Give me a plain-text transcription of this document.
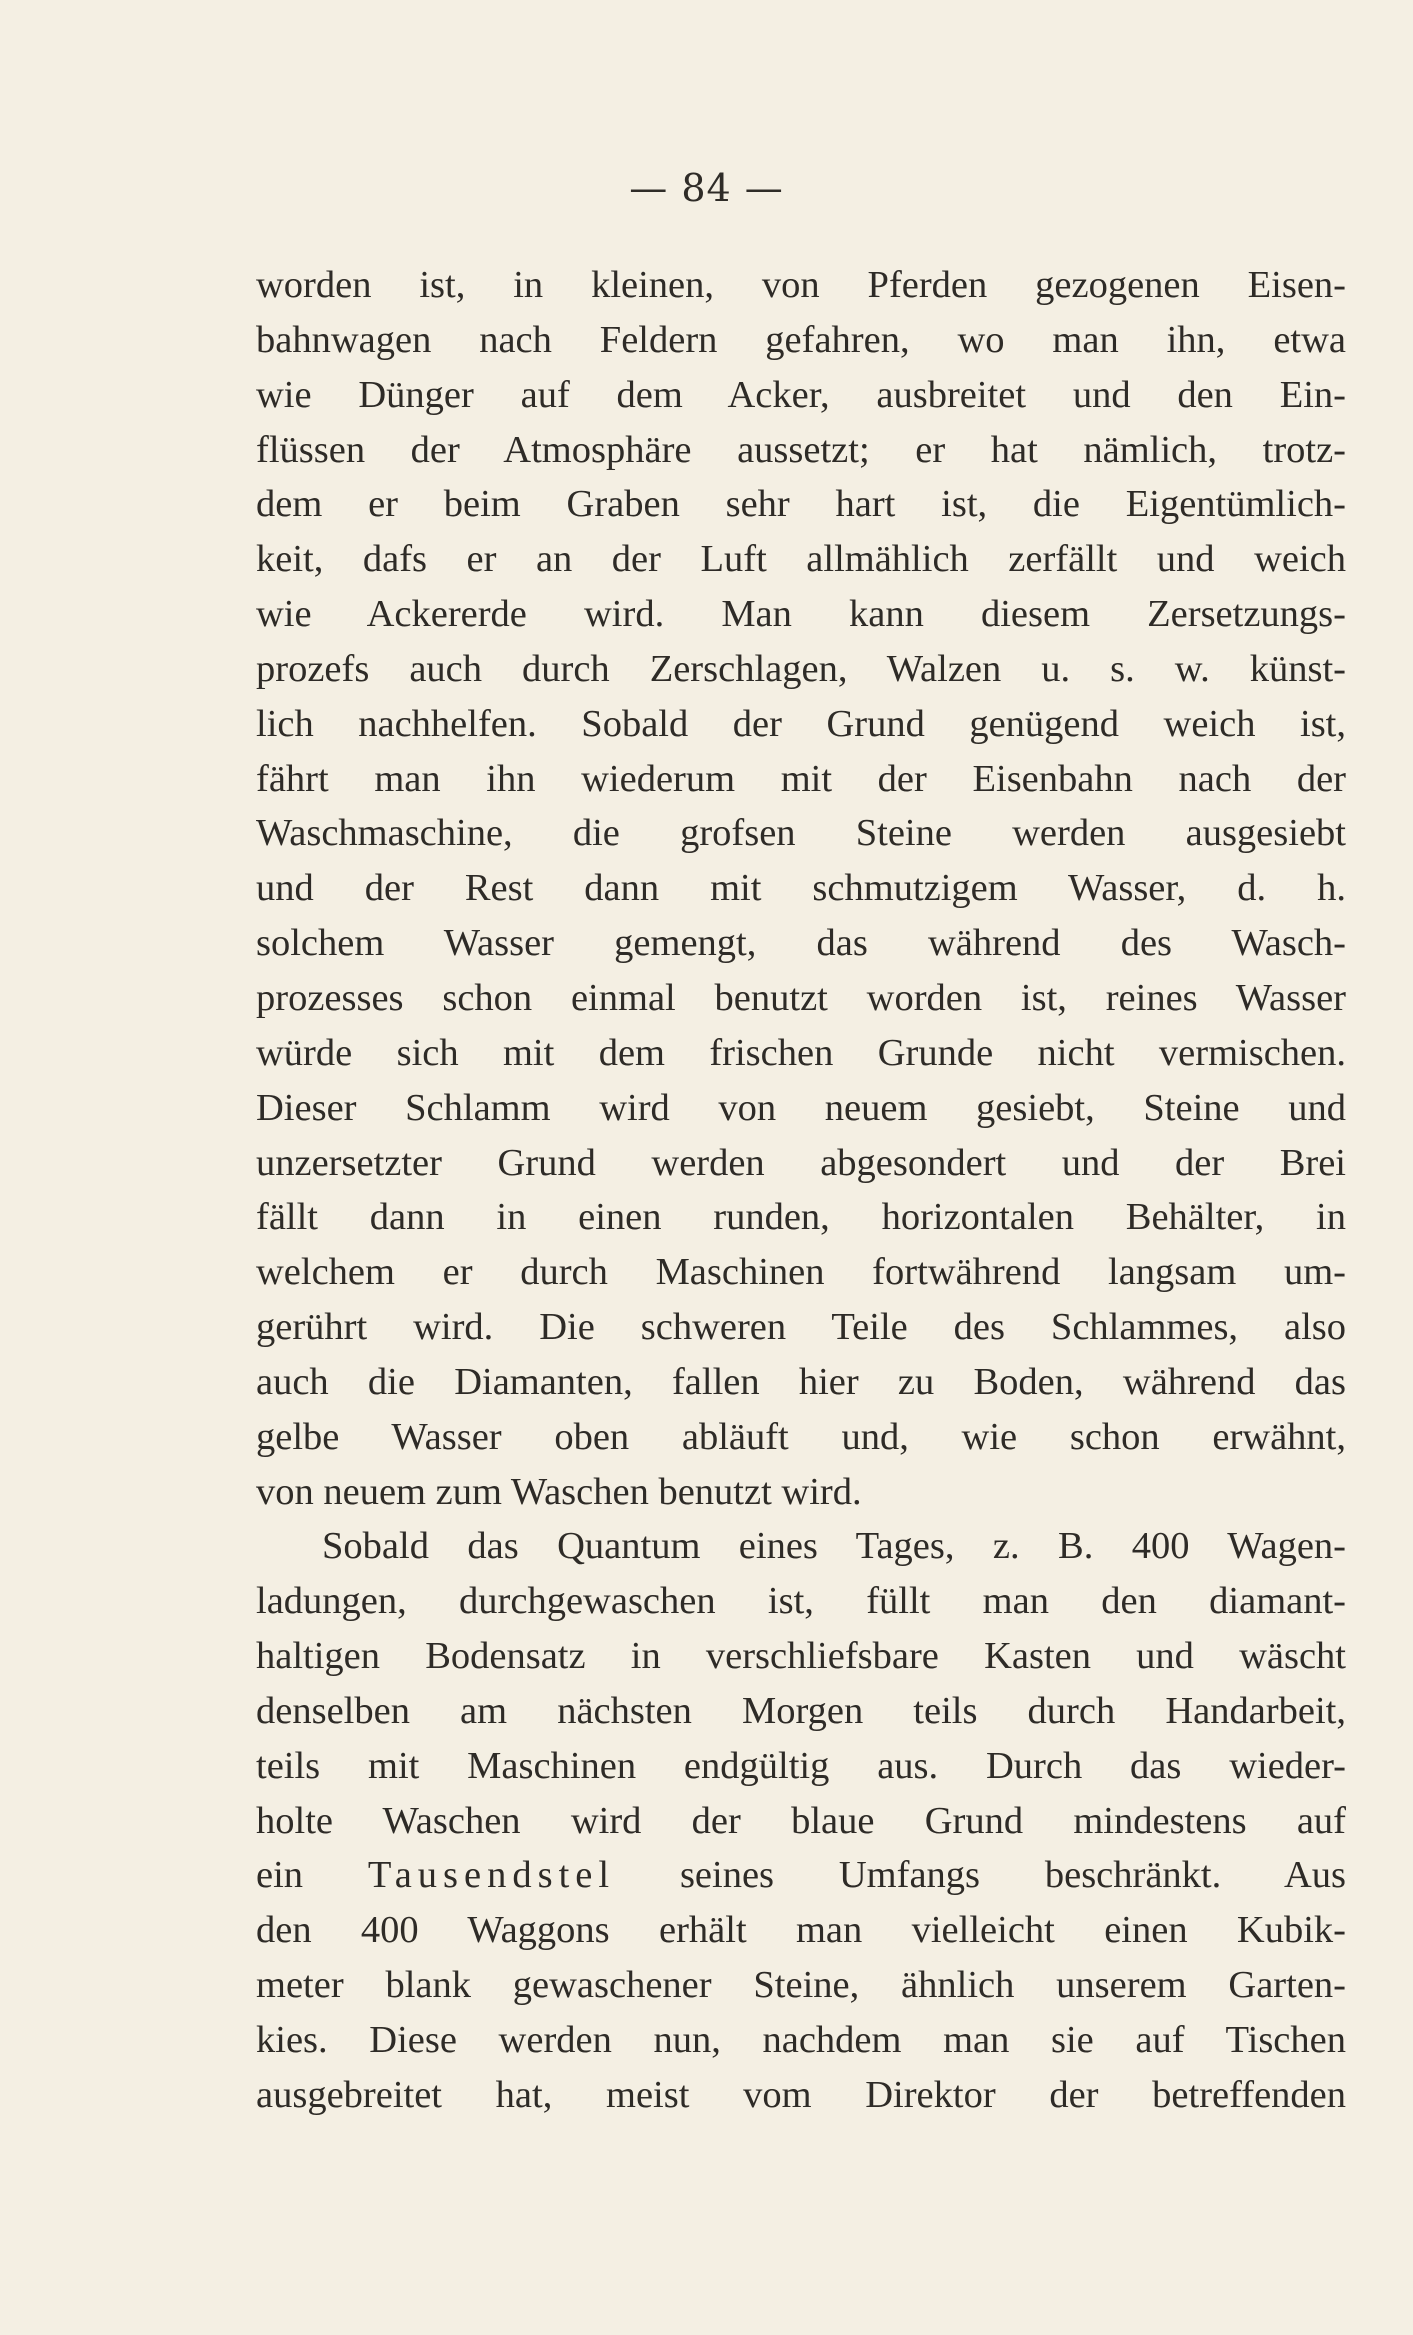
— 84 —
worden ist, in kleinen, von Pferden gezogenen Eisen-
bahnwagen nach Feldern gefahren, wo man ihn, etwa
wie Dünger auf dem Acker, ausbreitet und den Ein-
flüssen der Atmosphäre aussetzt; er hat nämlich, trotz-
dem er beim Graben sehr hart ist, die Eigentümlich-
keit, dafs er an der Luft allmählich zerfällt und weich
wie Ackererde wird. Man kann diesem Zersetzungs-
prozefs auch durch Zerschlagen, Walzen u. s. w. künst-
lich nachhelfen. Sobald der Grund genügend weich ist,
fährt man ihn wiederum mit der Eisenbahn nach der
Waschmaschine, die grofsen Steine werden ausgesiebt
und der Rest dann mit schmutzigem Wasser, d. h.
solchem Wasser gemengt, das während des Wasch-
prozesses schon einmal benutzt worden ist, reines Wasser
würde sich mit dem frischen Grunde nicht vermischen.
Dieser Schlamm wird von neuem gesiebt, Steine und
unzersetzter Grund werden abgesondert und der Brei
fällt dann in einen runden, horizontalen Behälter, in
welchem er durch Maschinen fortwährend langsam um-
gerührt wird. Die schweren Teile des Schlammes, also
auch die Diamanten, fallen hier zu Boden, während das
gelbe Wasser oben abläuft und, wie schon erwähnt,
von neuem zum Waschen benutzt wird.
Sobald das Quantum eines Tages, z. B. 400 Wagen-
ladungen, durchgewaschen ist, füllt man den diamant-
haltigen Bodensatz in verschliefsbare Kasten und wäscht
denselben am nächsten Morgen teils durch Handarbeit,
teils mit Maschinen endgültig aus. Durch das wieder-
holte Waschen wird der blaue Grund mindestens auf
ein Tausendstel seines Umfangs beschränkt. Aus
den 400 Waggons erhält man vielleicht einen Kubik-
meter blank gewaschener Steine, ähnlich unserem Garten-
kies. Diese werden nun, nachdem man sie auf Tischen
ausgebreitet hat, meist vom Direktor der betreffenden
